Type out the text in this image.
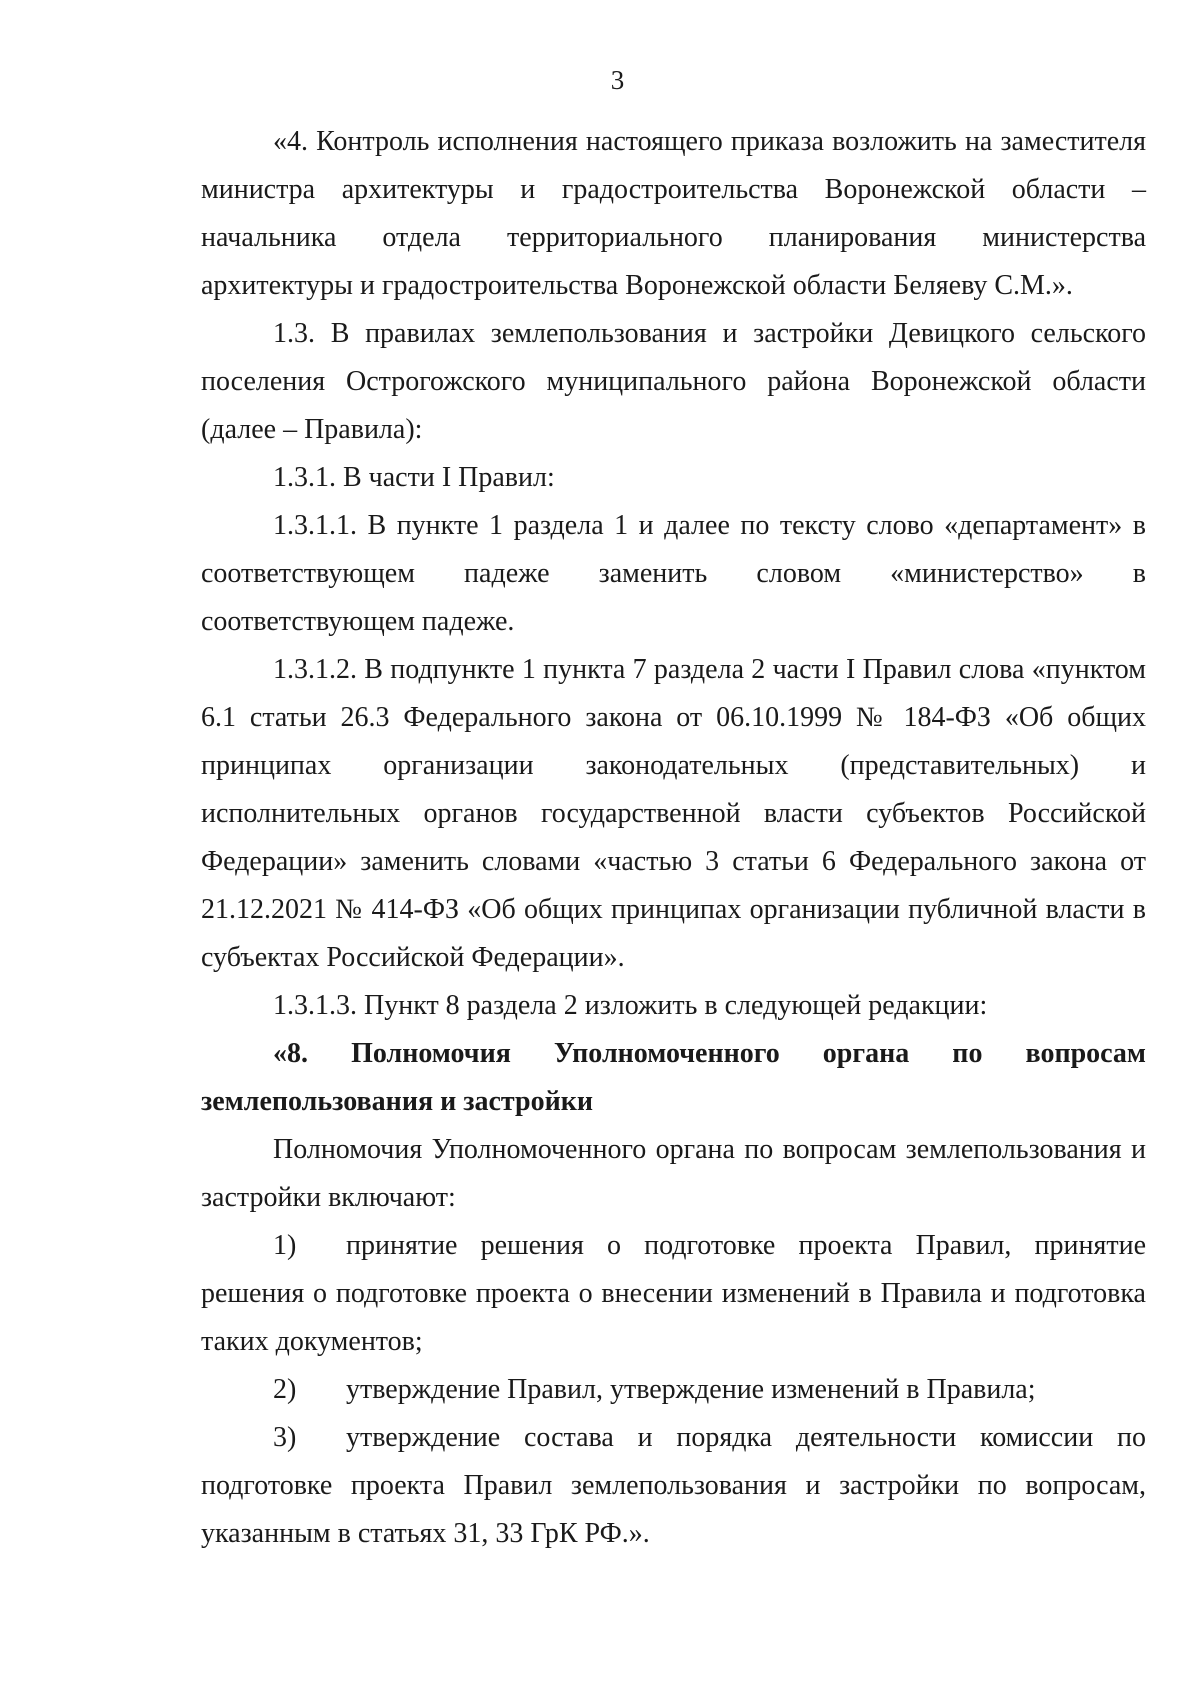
3

«4. Контроль исполнения настоящего приказа возложить на заместителя министра архитектуры и градостроительства Воронежской области – начальника отдела территориального планирования министерства архитектуры и градостроительства Воронежской области Беляеву С.М.».

1.3. В правилах землепользования и застройки Девицкого сельского поселения Острогожского муниципального района Воронежской области (далее – Правила):

1.3.1. В части I Правил:

1.3.1.1. В пункте 1 раздела 1 и далее по тексту слово «департамент» в соответствующем падеже заменить словом «министерство» в соответствующем падеже.

1.3.1.2. В подпункте 1 пункта 7 раздела 2 части I Правил слова «пунктом 6.1 статьи 26.3 Федерального закона от 06.10.1999 № 184-ФЗ «Об общих принципах организации законодательных (представительных) и исполнительных органов государственной власти субъектов Российской Федерации» заменить словами «частью 3 статьи 6 Федерального закона от 21.12.2021 № 414-ФЗ «Об общих принципах организации публичной власти в субъектах Российской Федерации».

1.3.1.3. Пункт 8 раздела 2 изложить в следующей редакции:

«8. Полномочия Уполномоченного органа по вопросам землепользования и застройки

Полномочия Уполномоченного органа по вопросам землепользования и застройки включают:

1) принятие решения о подготовке проекта Правил, принятие решения о подготовке проекта о внесении изменений в Правила и подготовка таких документов;

2) утверждение Правил, утверждение изменений в Правила;

3) утверждение состава и порядка деятельности комиссии по подготовке проекта Правил землепользования и застройки по вопросам, указанным в статьях 31, 33 ГрК РФ.».
